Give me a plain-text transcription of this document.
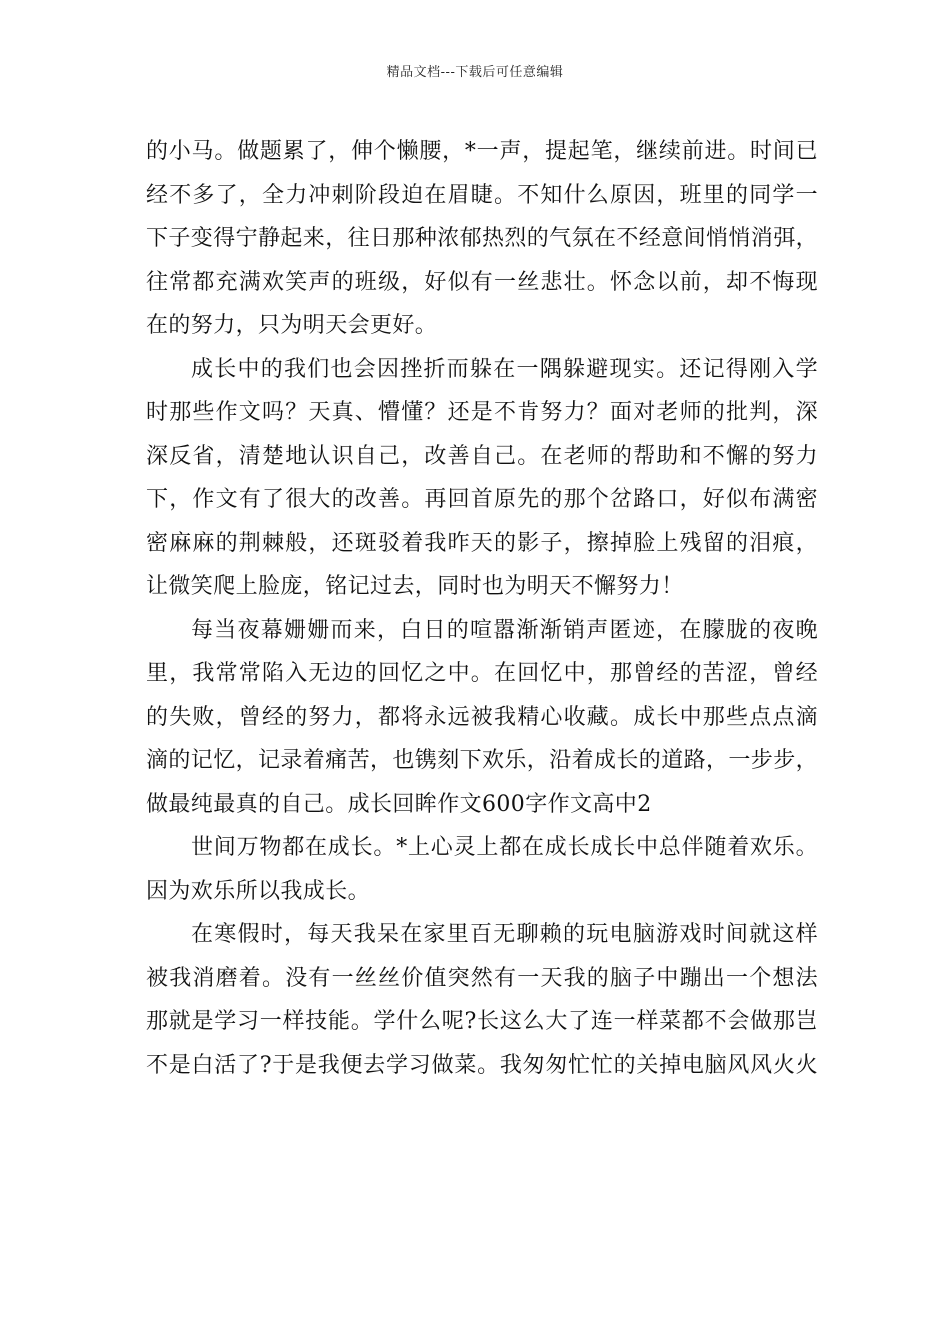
精品文档---下载后可任意编辑
的小马。做题累了，伸个懒腰，*一声，提起笔，继续前进。时间已
经不多了，全力冲刺阶段迫在眉睫。不知什么原因，班里的同学一
下子变得宁静起来，往日那种浓郁热烈的气氛在不经意间悄悄消弭，
往常都充满欢笑声的班级，好似有一丝悲壮。怀念以前，却不悔现
在的努力，只为明天会更好。
成长中的我们也会因挫折而躲在一隅躲避现实。还记得刚入学
时那些作文吗？天真、懵懂？还是不肯努力？面对老师的批判，深
深反省，清楚地认识自己，改善自己。在老师的帮助和不懈的努力
下，作文有了很大的改善。再回首原先的那个岔路口，好似布满密
密麻麻的荆棘般，还斑驳着我昨天的影子，擦掉脸上残留的泪痕，
让微笑爬上脸庞，铭记过去，同时也为明天不懈努力！
每当夜幕姗姗而来，白日的喧嚣渐渐销声匿迹，在朦胧的夜晚
里，我常常陷入无边的回忆之中。在回忆中，那曾经的苦涩，曾经
的失败，曾经的努力，都将永远被我精心收藏。成长中那些点点滴
滴的记忆，记录着痛苦，也镌刻下欢乐，沿着成长的道路，一步步，
做最纯最真的自己。成长回眸作文600字作文高中2
世间万物都在成长。*上心灵上都在成长成长中总伴随着欢乐。
因为欢乐所以我成长。
在寒假时，每天我呆在家里百无聊赖的玩电脑游戏时间就这样
被我消磨着。没有一丝丝价值突然有一天我的脑子中蹦出一个想法
那就是学习一样技能。学什么呢?长这么大了连一样菜都不会做那岂
不是白活了?于是我便去学习做菜。我匆匆忙忙的关掉电脑风风火火
